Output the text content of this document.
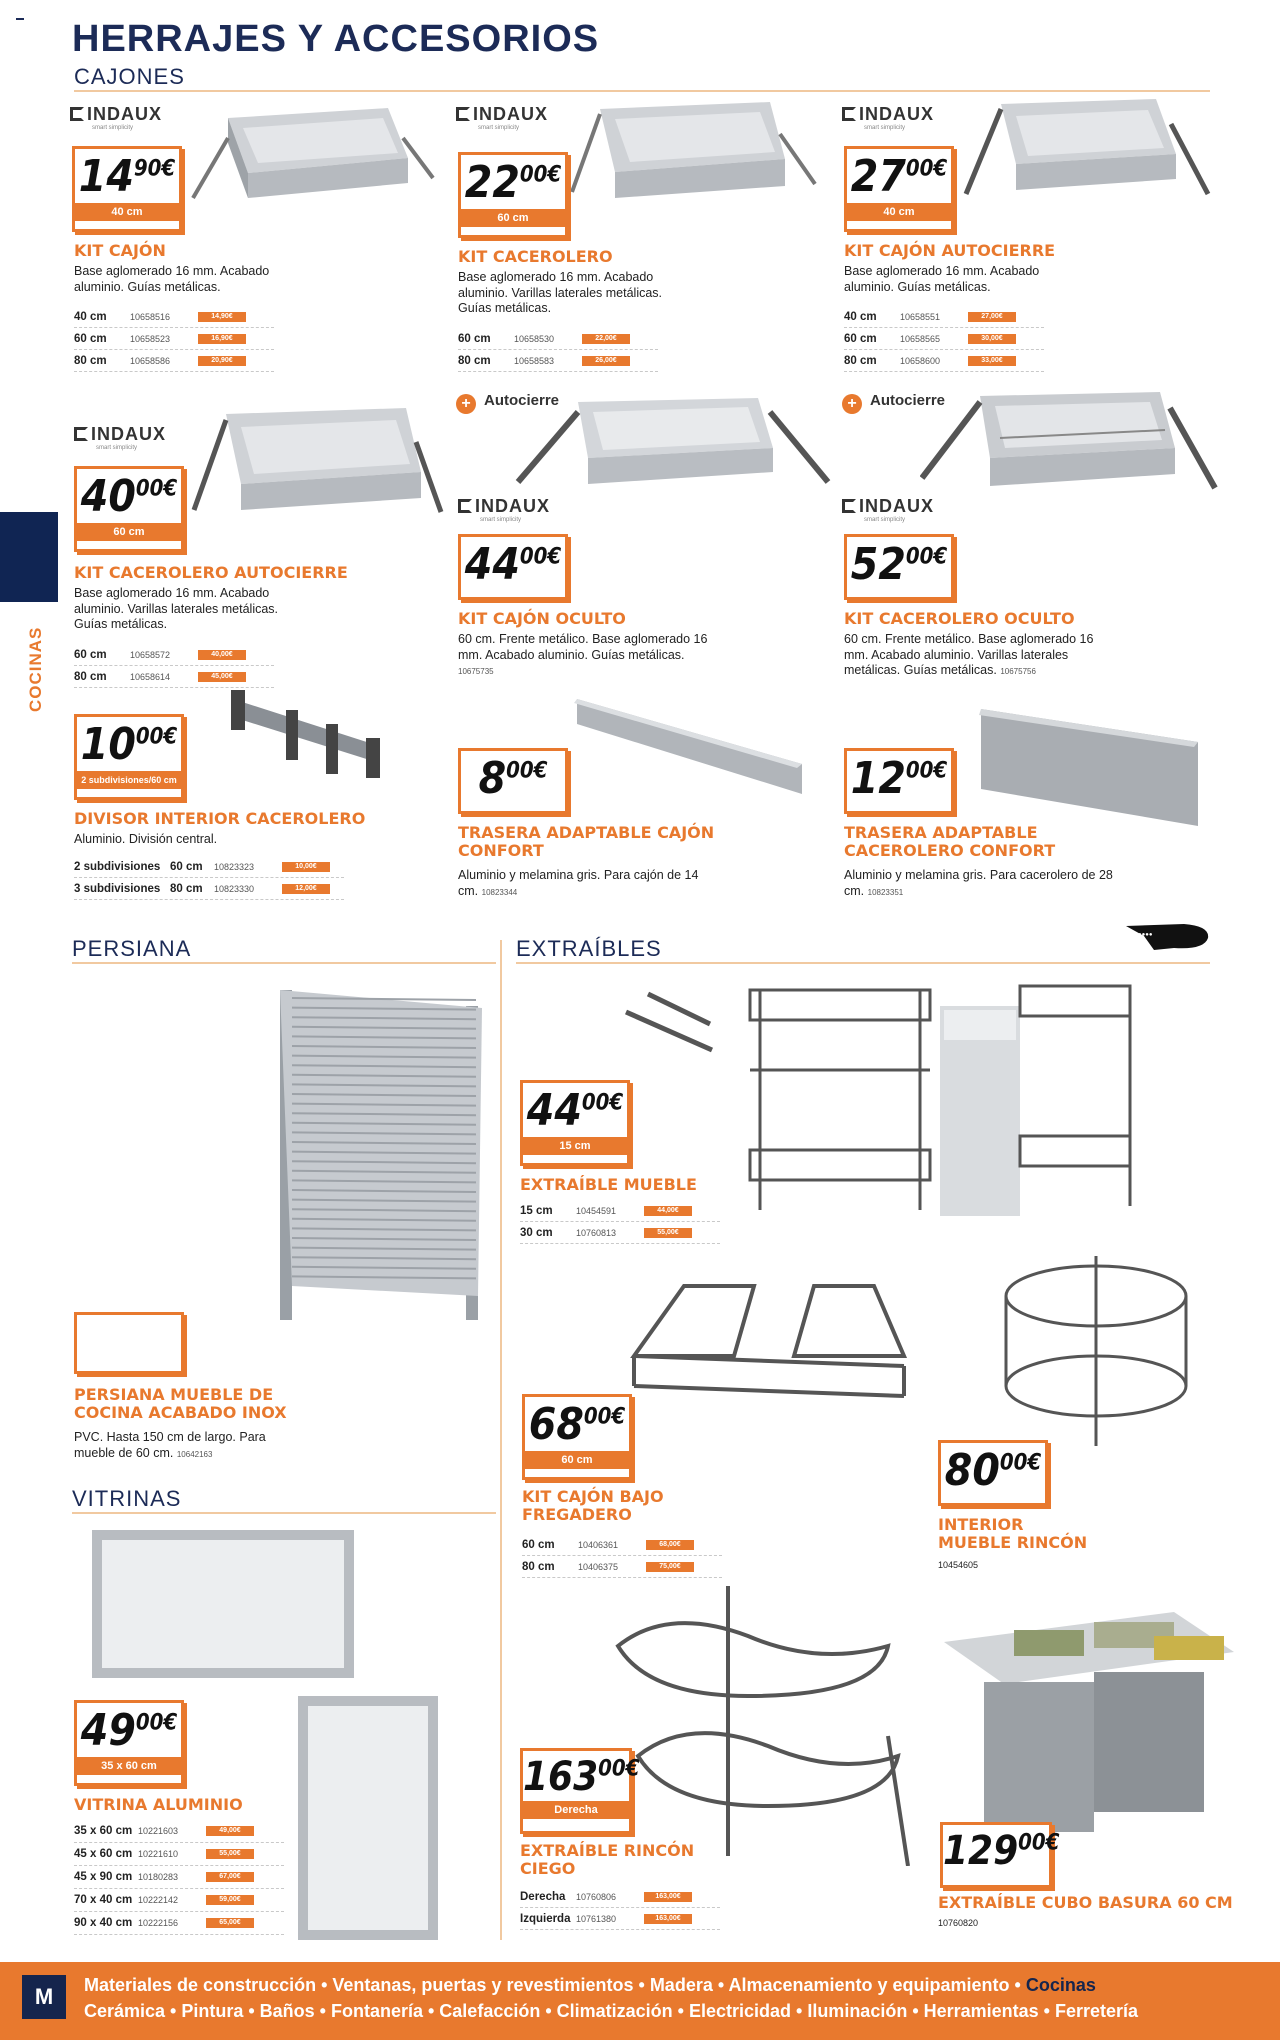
HERRAJES Y ACCESORIOS
CAJONES
COCINAS
INDAUX
smart simplicity
$14^{90€}$
40 cm
KIT CAJÓN
Base aglomerado 16 mm. Acabado aluminio. Guías metálicas.
40 cm	10658516	14,90€
60 cm	10658523	16,90€
80 cm	10658586	20,90€
INDAUX
smart simplicity
$22^{00€}$
60 cm
KIT CACEROLERO
Base aglomerado 16 mm. Acabado aluminio. Varillas laterales metálicas. Guías metálicas.
60 cm	10658530	22,00€
80 cm	10658583	26,00€
INDAUX
smart simplicity
$27^{00€}$
40 cm
KIT CAJÓN AUTOCIERRE
Base aglomerado 16 mm. Acabado aluminio. Guías metálicas.
40 cm	10658551	27,00€
60 cm	10658565	30,00€
80 cm	10658600	33,00€
INDAUX
smart simplicity
$40^{00€}$
60 cm
KIT CACEROLERO AUTOCIERRE
Base aglomerado 16 mm. Acabado aluminio. Varillas laterales metálicas. Guías metálicas.
60 cm	10658572	40,00€
80 cm	10658614	45,00€
+ Autocierre
INDAUX
smart simplicity
$44^{00€}$
KIT CAJÓN OCULTO
60 cm. Frente metálico. Base aglomerado 16 mm. Acabado aluminio. Guías metálicas. 10675735
+ Autocierre
INDAUX
smart simplicity
$52^{00€}$
KIT CACEROLERO OCULTO
60 cm. Frente metálico. Base aglomerado 16 mm. Acabado aluminio. Varillas laterales metálicas. Guías metálicas. 10675756
$10^{00€}$
2 subdivisiones/60 cm
DIVISOR INTERIOR CACEROLERO
Aluminio. División central.
2 subdivisiones 60 cm	10823323	10,00€
3 subdivisiones 80 cm	10823330	12,00€
$8^{00€}$
TRASERA ADAPTABLE CAJÓN CONFORT
Aluminio y melamina gris. Para cajón de 14 cm. 10823344
$12^{00€}$
TRASERA ADAPTABLE CACEROLERO CONFORT
Aluminio y melamina gris. Para cacerolero de 28 cm. 10823351
PERSIANA	EXTRAÍBLES
●●●●
PERSIANA MUEBLE DE COCINA ACABADO INOX
PVC. Hasta 150 cm de largo. Para mueble de 60 cm. 10642163
$44^{00€}$
15 cm
EXTRAÍBLE MUEBLE
15 cm	10454591	44,00€
30 cm	10760813	55,00€
$68^{00€}$
60 cm
KIT CAJÓN BAJO FREGADERO
60 cm	10406361	68,00€
80 cm	10406375	75,00€
$80^{00€}$
INTERIOR MUEBLE RINCÓN
10454605
VITRINAS
$49^{00€}$
35 x 60 cm
VITRINA ALUMINIO
35 x 60 cm 10221603	49,00€
45 x 60 cm 10221610	55,00€
45 x 90 cm 10180283	67,00€
70 x 40 cm 10222142	59,00€
90 x 40 cm 10222156	65,00€
$163^{00€}$
Derecha
EXTRAÍBLE RINCÓN CIEGO
Derecha	10760806	163,00€
Izquierda 10761380	163,00€
$129^{00€}$
EXTRAÍBLE CUBO BASURA 60 CM
10760820
M	Materiales de construcción • Ventanas, puertas y revestimientos • Madera • Almacenamiento y equipamiento • Cocinas
Cerámica • Pintura • Baños • Fontanería • Calefacción • Climatización • Electricidad • Iluminación • Herramientas • Ferretería
